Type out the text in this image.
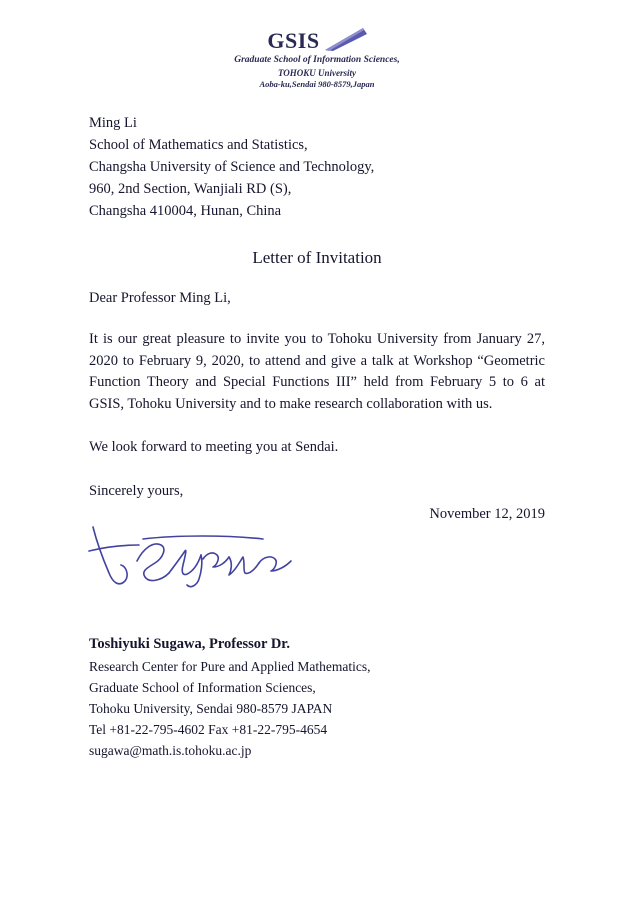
GSIS
Graduate School of Information Sciences,
TOHOKU University
Aoba-ku,Sendai 980-8579,Japan
Ming Li
School of Mathematics and Statistics,
Changsha University of Science and Technology,
960, 2nd Section, Wanjiali RD (S),
Changsha 410004, Hunan, China
Letter of Invitation
Dear Professor Ming Li,
It is our great pleasure to invite you to Tohoku University from January 27, 2020 to February 9, 2020, to attend and give a talk at Workshop “Geometric Function Theory and Special Functions III” held from February 5 to 6 at GSIS, Tohoku University and to make research collaboration with us.
We look forward to meeting you at Sendai.
Sincerely yours,
November 12, 2019
Toshiyuki Sugawa, Professor Dr.
Research Center for Pure and Applied Mathematics,
Graduate School of Information Sciences,
Tohoku University, Sendai 980-8579 JAPAN
Tel +81-22-795-4602 Fax +81-22-795-4654
sugawa@math.is.tohoku.ac.jp
